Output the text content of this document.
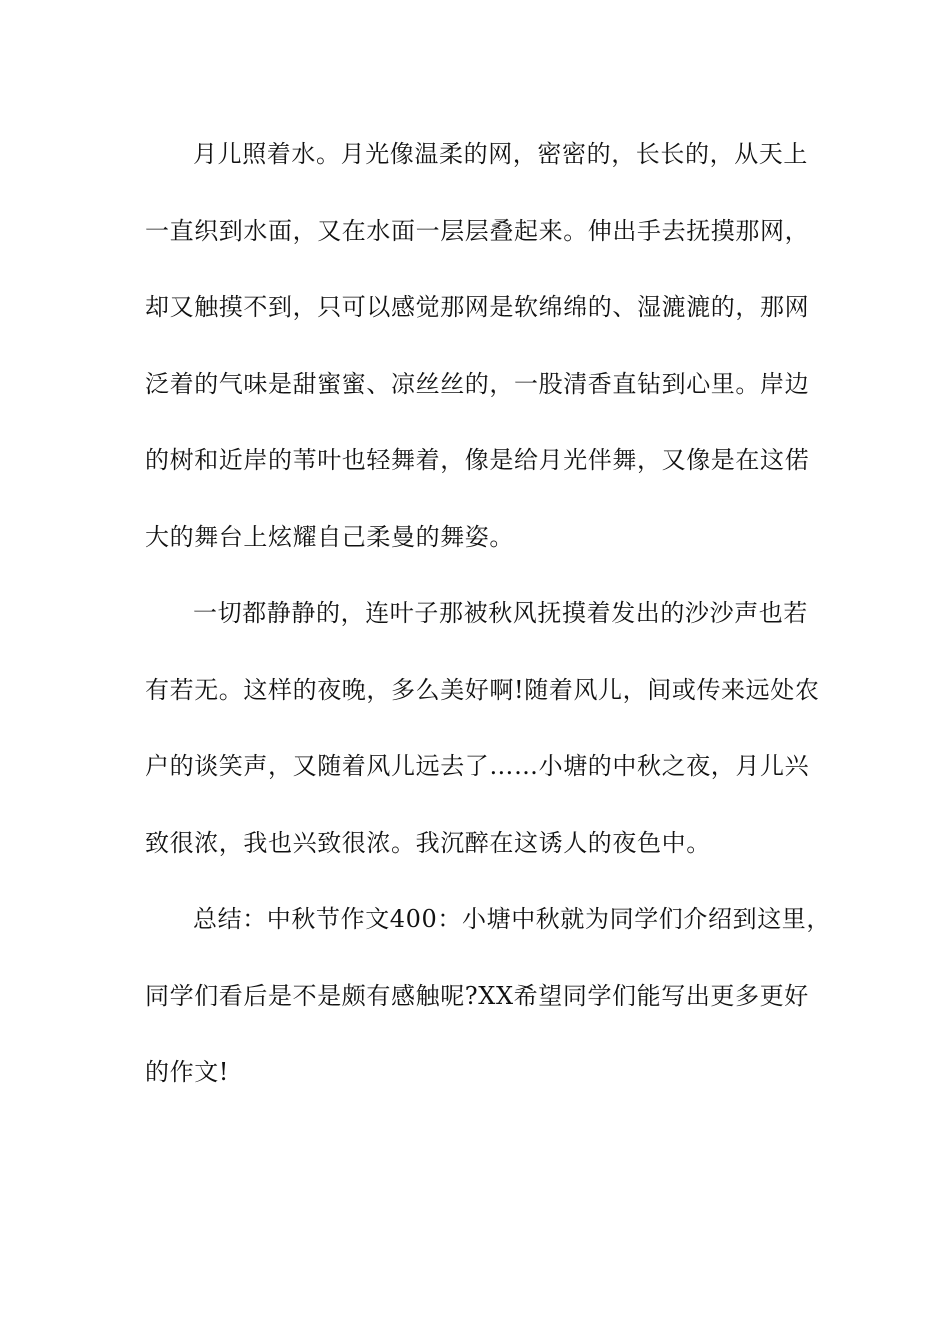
月儿照着水。月光像温柔的网，密密的，长长的，从天上
一直织到水面，又在水面一层层叠起来。伸出手去抚摸那网，
却又触摸不到，只可以感觉那网是软绵绵的、湿漉漉的，那网
泛着的气味是甜蜜蜜、凉丝丝的，一股清香直钻到心里。岸边
的树和近岸的苇叶也轻舞着，像是给月光伴舞，又像是在这偌
大的舞台上炫耀自己柔曼的舞姿。
一切都静静的，连叶子那被秋风抚摸着发出的沙沙声也若
有若无。这样的夜晚，多么美好啊!随着风儿，间或传来远处农
户的谈笑声，又随着风儿远去了……小塘的中秋之夜，月儿兴
致很浓，我也兴致很浓。我沉醉在这诱人的夜色中。
总结：中秋节作文400：小塘中秋就为同学们介绍到这里，
同学们看后是不是颇有感触呢?XX希望同学们能写出更多更好
的作文!
